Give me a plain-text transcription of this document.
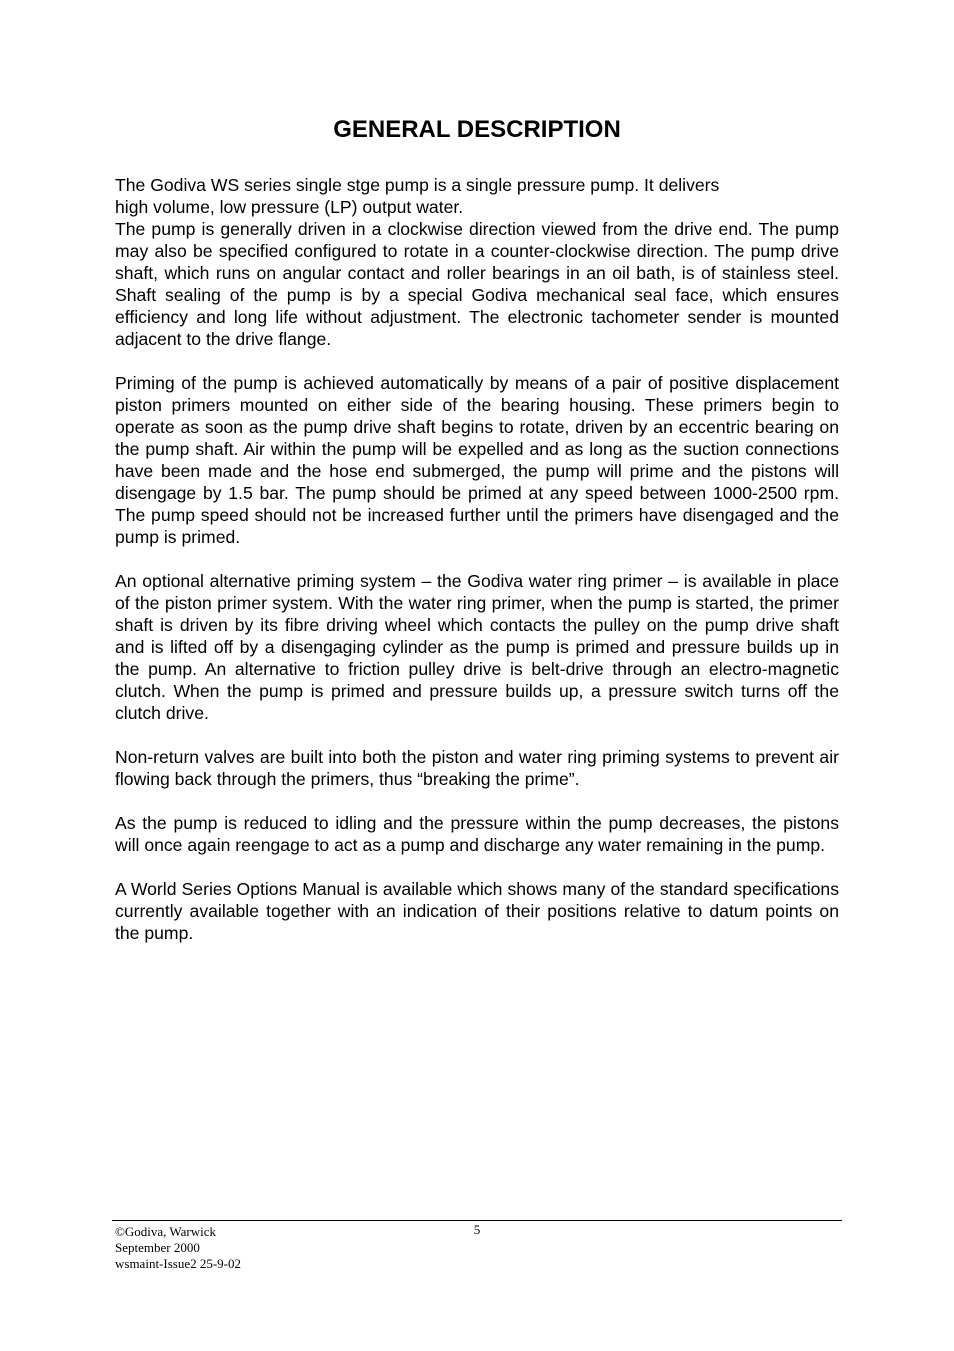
GENERAL DESCRIPTION

The Godiva WS series single stge pump is a single pressure pump. It delivers

high volume, low pressure (LP) output water.

The pump is generally driven in a clockwise direction viewed from the drive end. The pump may also be specified configured to rotate in a counter-clockwise direction. The pump drive shaft, which runs on angular contact and roller bearings in an oil bath, is of stainless steel. Shaft sealing of the pump is by a special Godiva mechanical seal face, which ensures efficiency and long life without adjustment. The electronic tachometer sender is mounted adjacent to the drive flange.

Priming of the pump is achieved automatically by means of a pair of positive displacement piston primers mounted on either side of the bearing housing. These primers begin to operate as soon as the pump drive shaft begins to rotate, driven by an eccentric bearing on the pump shaft. Air within the pump will be expelled and as long as the suction connections have been made and the hose end submerged, the pump will prime and the pistons will disengage by 1.5 bar. The pump should be primed at any speed between 1000-2500 rpm. The pump speed should not be increased further until the primers have disengaged and the pump is primed.

An optional alternative priming system – the Godiva water ring primer – is available in place of the piston primer system. With the water ring primer, when the pump is started, the primer shaft is driven by its fibre driving wheel which contacts the pulley on the pump drive shaft and is lifted off by a disengaging cylinder as the pump is primed and pressure builds up in the pump. An alternative to friction pulley drive is belt-drive through an electro-magnetic clutch. When the pump is primed and pressure builds up, a pressure switch turns off the clutch drive.

Non-return valves are built into both the piston and water ring priming systems to prevent air flowing back through the primers, thus “breaking the prime”.

As the pump is reduced to idling and the pressure within the pump decreases, the pistons will once again reengage to act as a pump and discharge any water remaining in the pump.

A World Series Options Manual is available which shows many of the standard specifications currently available together with an indication of their positions relative to datum points on the pump.

©Godiva, Warwick
September 2000
wsmaint-Issue2 25-9-02
5
